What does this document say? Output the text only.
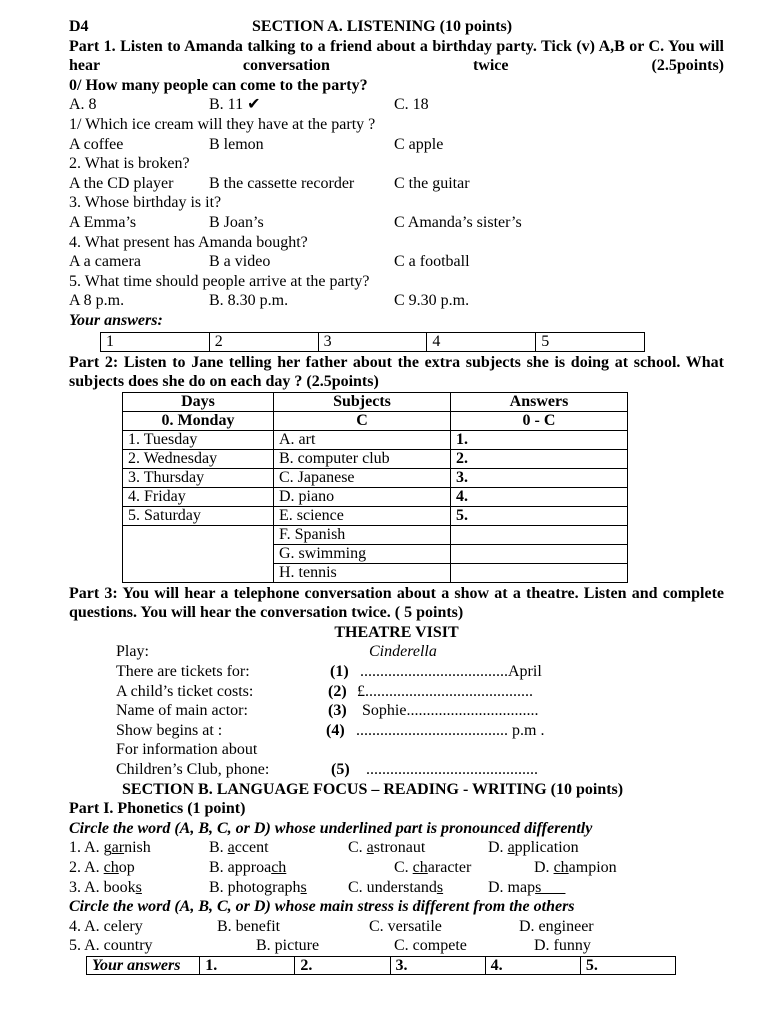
D4	SECTION A. LISTENING (10 points)
Part 1. Listen to Amanda talking to a friend about a birthday party. Tick (v) A,B or C. You will hear conversation twice (2.5points)
0/ How many people can come to the party?
A. 8	B. 11 ✔	C. 18
1/ Which ice cream will they have at the party ?
A coffee	B lemon	C apple
2. What is broken?
A the CD player B the cassette recorder C the guitar
3. Whose birthday is it?
A Emma’s	B Joan’s	C Amanda’s sister’s
4. What present has Amanda bought?
A a camera	B a video	C a football
5. What time should people arrive at the party?
A 8 p.m.	B. 8.30 p.m.	C 9.30 p.m.
Your answers:
1	2	3	4	5
Part 2: Listen to Jane telling her father about the extra subjects she is doing at school. What subjects does she do on each day ? (2.5points)
Days	Subjects	Answers
0. Monday	C	0 - C
1. Tuesday	A. art	1.
2. Wednesday	B. computer club	2.
3. Thursday	C. Japanese	3.
4. Friday	D. piano	4.
5. Saturday	E. science	5.
	F. Spanish	
	G. swimming	
	H. tennis	
Part 3: You will hear a telephone conversation about a show at a theatre. Listen and complete questions. You will hear the conversation twice. ( 5 points)
THEATRE VISIT
Play:	Cinderella
There are tickets for:	(1) .....................................April
A child’s ticket costs:	(2) £..........................................
Name of main actor:	(3) Sophie.................................
Show begins at :	(4) ...................................... p.m .
For information about
Children’s Club, phone:	(5) ...........................................
SECTION B. LANGUAGE FOCUS – READING - WRITING (10 points)
Part I. Phonetics (1 point)
Circle the word (A, B, C, or D) whose underlined part is pronounced differently
1. A. garnish	B. accent	C. astronaut	D. application
2. A. chop	B. approach	C. character	D. champion
3. A. books	B. photographs	C. understands	D. maps___
Circle the word (A, B, C, or D) whose main stress is different from the others
4. A. celery	B. benefit	C. versatile	D. engineer
5. A. country	B. picture	C. compete	D. funny
Your answers	1.	2.	3.	4.	5.
